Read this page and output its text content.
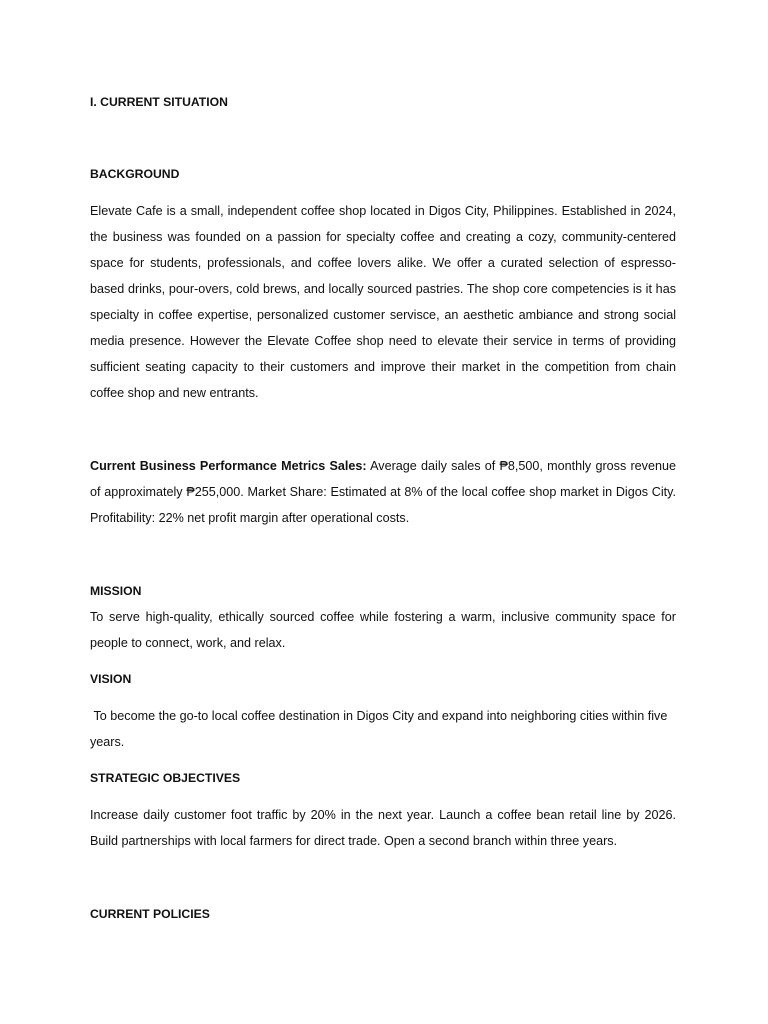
I. CURRENT SITUATION
BACKGROUND

Elevate Cafe is a small, independent coffee shop located in Digos City, Philippines. Established in 2024, the business was founded on a passion for specialty coffee and creating a cozy, community-centered space for students, professionals, and coffee lovers alike. We offer a curated selection of espresso-based drinks, pour-overs, cold brews, and locally sourced pastries. The shop core competencies is it has specialty in coffee expertise, personalized customer servisce, an aesthetic ambiance and strong social media presence. However the Elevate Coffee shop need to elevate their service in terms of providing sufficient seating capacity to their customers and improve their market in the competition from chain coffee shop and new entrants.

Current Business Performance Metrics Sales: Average daily sales of ₱8,500, monthly gross revenue of approximately ₱255,000. Market Share: Estimated at 8% of the local coffee shop market in Digos City. Profitability: 22% net profit margin after operational costs.

MISSION

To serve high-quality, ethically sourced coffee while fostering a warm, inclusive community space for people to connect, work, and relax.

VISION

To become the go-to local coffee destination in Digos City and expand into neighboring cities within five years.

STRATEGIC OBJECTIVES

Increase daily customer foot traffic by 20% in the next year. Launch a coffee bean retail line by 2026. Build partnerships with local farmers for direct trade. Open a second branch within three years.

CURRENT POLICIES
